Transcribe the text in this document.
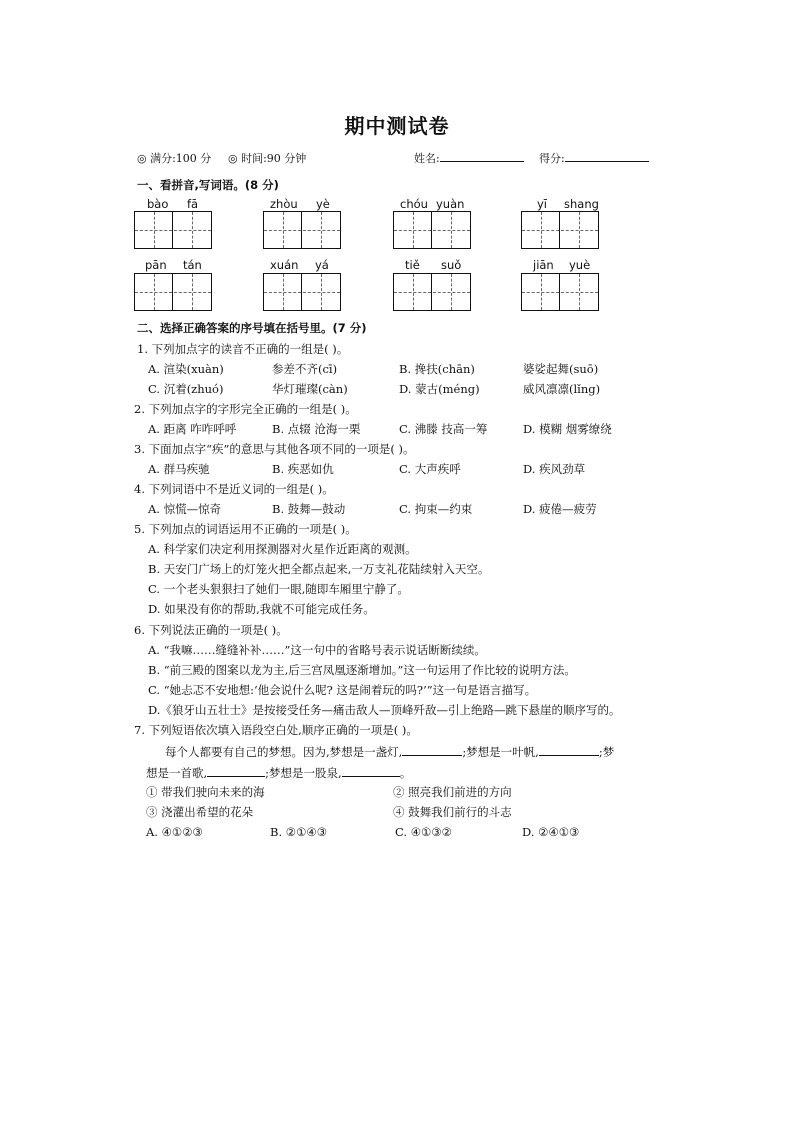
期中测试卷
◎ 满分:100 分 ◎ 时间:90 分钟	姓名:	得分:
一、看拼音,写词语。(8 分)
bào fā	zhòu yè	chóu yuàn	yī shang
pān tán	xuán yá	tiě suǒ	jiān yuè
二、选择正确答案的序号填在括号里。(7 分)
1. 下列加点字的读音不正确的一组是( )。
A. 渲染(xuàn)	参差不齐(cī)	B. 搀扶(chān)	婆娑起舞(suō)
C. 沉着(zhuó)	华灯璀璨(càn)	D. 蒙古(méng)	威风凛凛(lǐng)
2. 下列加点字的字形完全正确的一组是( )。
A. 距离 咋咋呼呼	B. 点辍 沧海一栗	C. 沸滕 技高一筹	D. 模糊 烟雾缭绕
3. 下面加点字“疾”的意思与其他各项不同的一项是( )。
A. 群马疾驰	B. 疾恶如仇	C. 大声疾呼	D. 疾风劲草
4. 下列词语中不是近义词的一组是( )。
A. 惊慌—惊奇	B. 鼓舞—鼓动	C. 拘束—约束	D. 疲倦—疲劳
5. 下列加点的词语运用不正确的一项是( )。
A. 科学家们决定利用探测器对火星作近距离的观测。
B. 天安门广场上的灯笼火把全都点起来,一万支礼花陆续射入天空。
C. 一个老头狠狠扫了她们一眼,随即车厢里宁静了。
D. 如果没有你的帮助,我就不可能完成任务。
6. 下列说法正确的一项是( )。
A. “我嘛……缝缝补补……”这一句中的省略号表示说话断断续续。
B. “前三殿的图案以龙为主,后三宫凤凰逐渐增加。”这一句运用了作比较的说明方法。
C. “她忐忑不安地想:‘他会说什么呢? 这是闹着玩的吗?’”这一句是语言描写。
D.《狼牙山五壮士》是按接受任务—痛击敌人—顶峰歼敌—引上绝路—跳下悬崖的顺序写的。
7. 下列短语依次填入语段空白处,顺序正确的一项是( )。
每个人都要有自己的梦想。因为,梦想是一盏灯,	;梦想是一叶帆,	;梦
想是一首歌,	;梦想是一股泉,	。
① 带我们驶向未来的海	② 照亮我们前进的方向
③ 浇灌出希望的花朵	④ 鼓舞我们前行的斗志
A. ④①②③	B. ②①④③	C. ④①③②	D. ②④①③
